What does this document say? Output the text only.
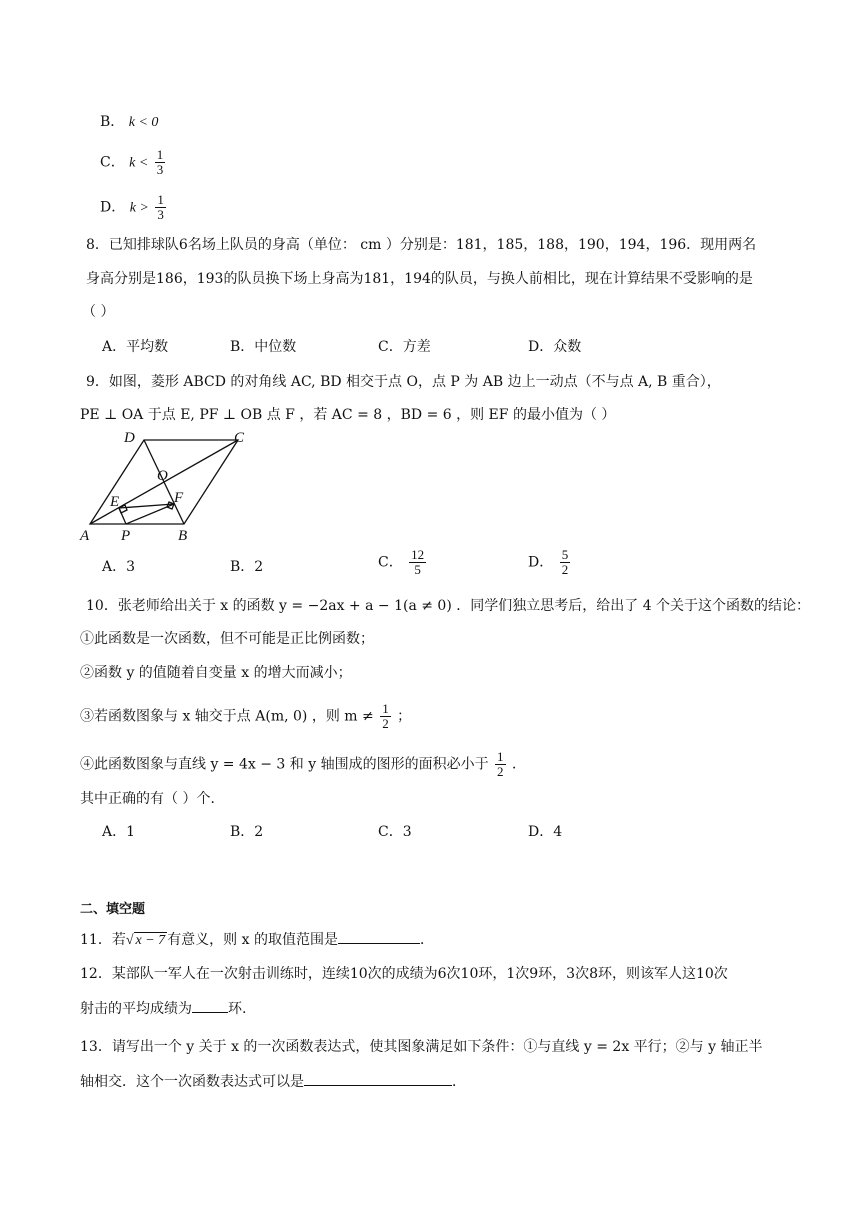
B． k < 0
C． $k < \frac{1}{3}$
D． $k > \frac{1}{3}$
8．已知排球队6名场上队员的身高（单位： cm ）分别是：181，185，188，190，194，196．现用两名
身高分别是186，193的队员换下场上身高为181，194的队员，与换人前相比，现在计算结果不受影响的是
（ ）
A．平均数	B．中位数	C．方差	D．众数
9．如图，菱形 ABCD 的对角线 AC, BD 相交于点 O，点 P 为 AB 边上一动点（不与点 A, B 重合），
PE ⊥ OA 于点 E, PF ⊥ OB 点 F ，若 AC = 8 ，BD = 6 ，则 EF 的最小值为（ ）
A P	B
D	C
O
E	F
A．3	B．2	C． $\frac{12}{5}$	D． $\frac{5}{2}$
10．张老师给出关于 x 的函数 y = −2ax + a − 1(a ≠ 0) ．同学们独立思考后，给出了 4 个关于这个函数的结论：
①此函数是一次函数，但不可能是正比例函数；
②函数 y 的值随着自变量 x 的增大而减小；
③若函数图象与 x 轴交于点 A(m, 0) ，则 $m \ne \frac{1}{2}$ ；
④此函数图象与直线 y = 4x − 3 和 y 轴围成的图形的面积必小于 $\frac{1}{2}$ ．
其中正确的有（ ）个．
A．1	B．2	C．3	D．4
二、填空题
11．若√ x − 7 有意义，则 x 的取值范围是	．
12．某部队一军人在一次射击训练时，连续10次的成绩为6次10环，1次9环，3次8环，则该军人这10次
射击的平均成绩为	环.
13．请写出一个 y 关于 x 的一次函数表达式，使其图象满足如下条件：①与直线 y = 2x 平行；②与 y 轴正半
轴相交．这个一次函数表达式可以是	．
